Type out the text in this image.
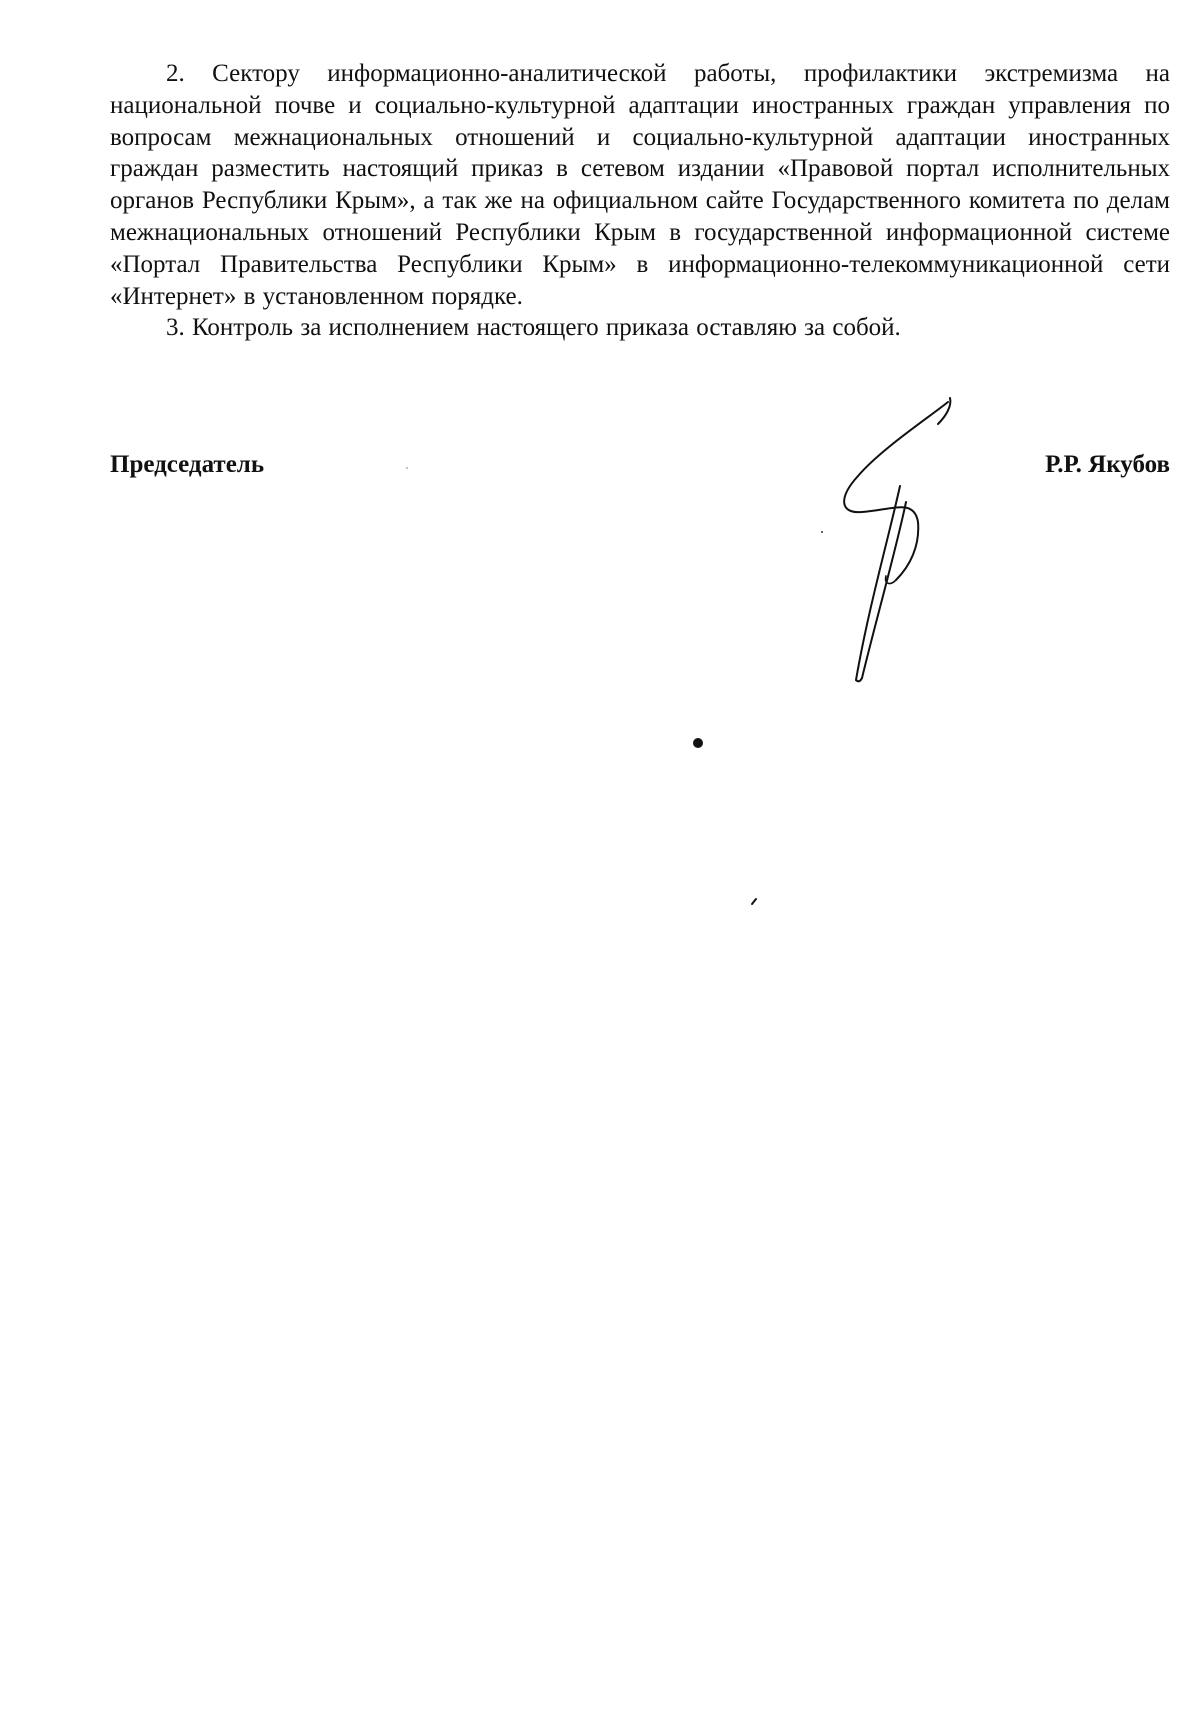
2. Сектору информационно-аналитической работы, профилактики экстремизма на национальной почве и социально-культурной адаптации иностранных граждан управления по вопросам межнациональных отношений и социально-культурной адаптации иностранных граждан разместить настоящий приказ в сетевом издании «Правовой портал исполнительных органов Республики Крым», а так же на официальном сайте Государственного комитета по делам межнациональных отношений Республики Крым в государственной информационной системе «Портал Правительства Республики Крым» в информационно-телекоммуникационной сети «Интернет» в установленном порядке.

3. Контроль за исполнением настоящего приказа оставляю за собой.

Председатель	Р.Р. Якубов
